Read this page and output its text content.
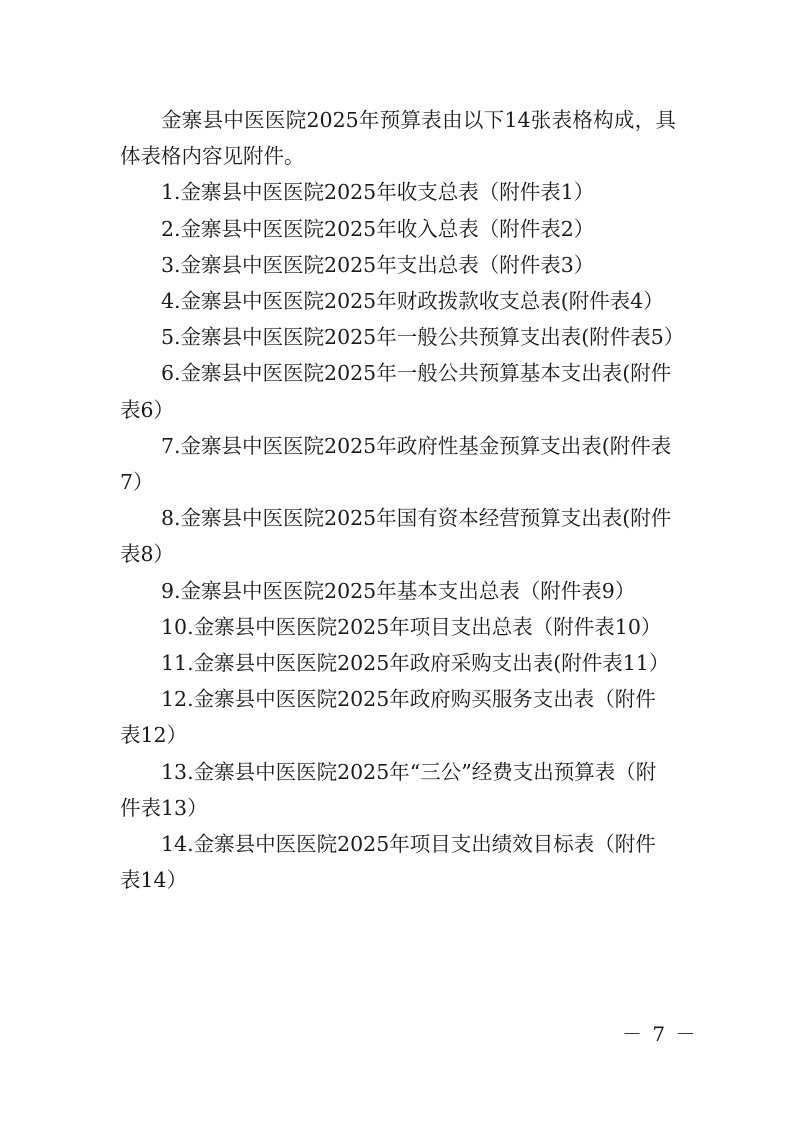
金寨县中医医院2025年预算表由以下14张表格构成，具体表格内容见附件。

1.金寨县中医医院2025年收支总表（附件表1）

2.金寨县中医医院2025年收入总表（附件表2）

3.金寨县中医医院2025年支出总表（附件表3）

4.金寨县中医医院2025年财政拨款收支总表(附件表4）

5.金寨县中医医院2025年一般公共预算支出表(附件表5）

6.金寨县中医医院2025年一般公共预算基本支出表(附件表6）

7.金寨县中医医院2025年政府性基金预算支出表(附件表7）

8.金寨县中医医院2025年国有资本经营预算支出表(附件表8）

9.金寨县中医医院2025年基本支出总表（附件表9）

10.金寨县中医医院2025年项目支出总表（附件表10）

11.金寨县中医医院2025年政府采购支出表(附件表11）

12.金寨县中医医院2025年政府购买服务支出表（附件表12）

13.金寨县中医医院2025年“三公”经费支出预算表（附件表13）

14.金寨县中医医院2025年项目支出绩效目标表（附件表14）

－ 7 －
